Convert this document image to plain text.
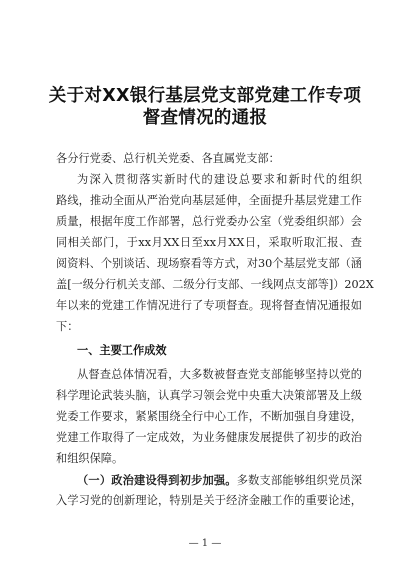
关于对XX银行基层党支部党建工作专项
督查情况的通报
各分行党委、总行机关党委、各直属党支部：
为深入贯彻落实新时代的建设总要求和新时代的组织
路线，推动全面从严治党向基层延伸，全面提升基层党建工作
质量，根据年度工作部署，总行党委办公室（党委组织部）会
同相关部门，于xx月XX日至xx月XX日，采取听取汇报、查
阅资料、个别谈话、现场察看等方式，对30个基层党支部（涵
盖[一级分行机关支部、二级分行支部、一线网点支部等]）202X
年以来的党建工作情况进行了专项督查。现将督查情况通报如
下：
一、主要工作成效
从督查总体情况看，大多数被督查党支部能够坚持以党的
科学理论武装头脑，认真学习领会党中央重大决策部署及上级
党委工作要求，紧紧围绕全行中心工作，不断加强自身建设，
党建工作取得了一定成效，为业务健康发展提供了初步的政治
和组织保障。
（一）政治建设得到初步加强。多数支部能够组织党员深
入学习党的创新理论，特别是关于经济金融工作的重要论述，
— 1 —
